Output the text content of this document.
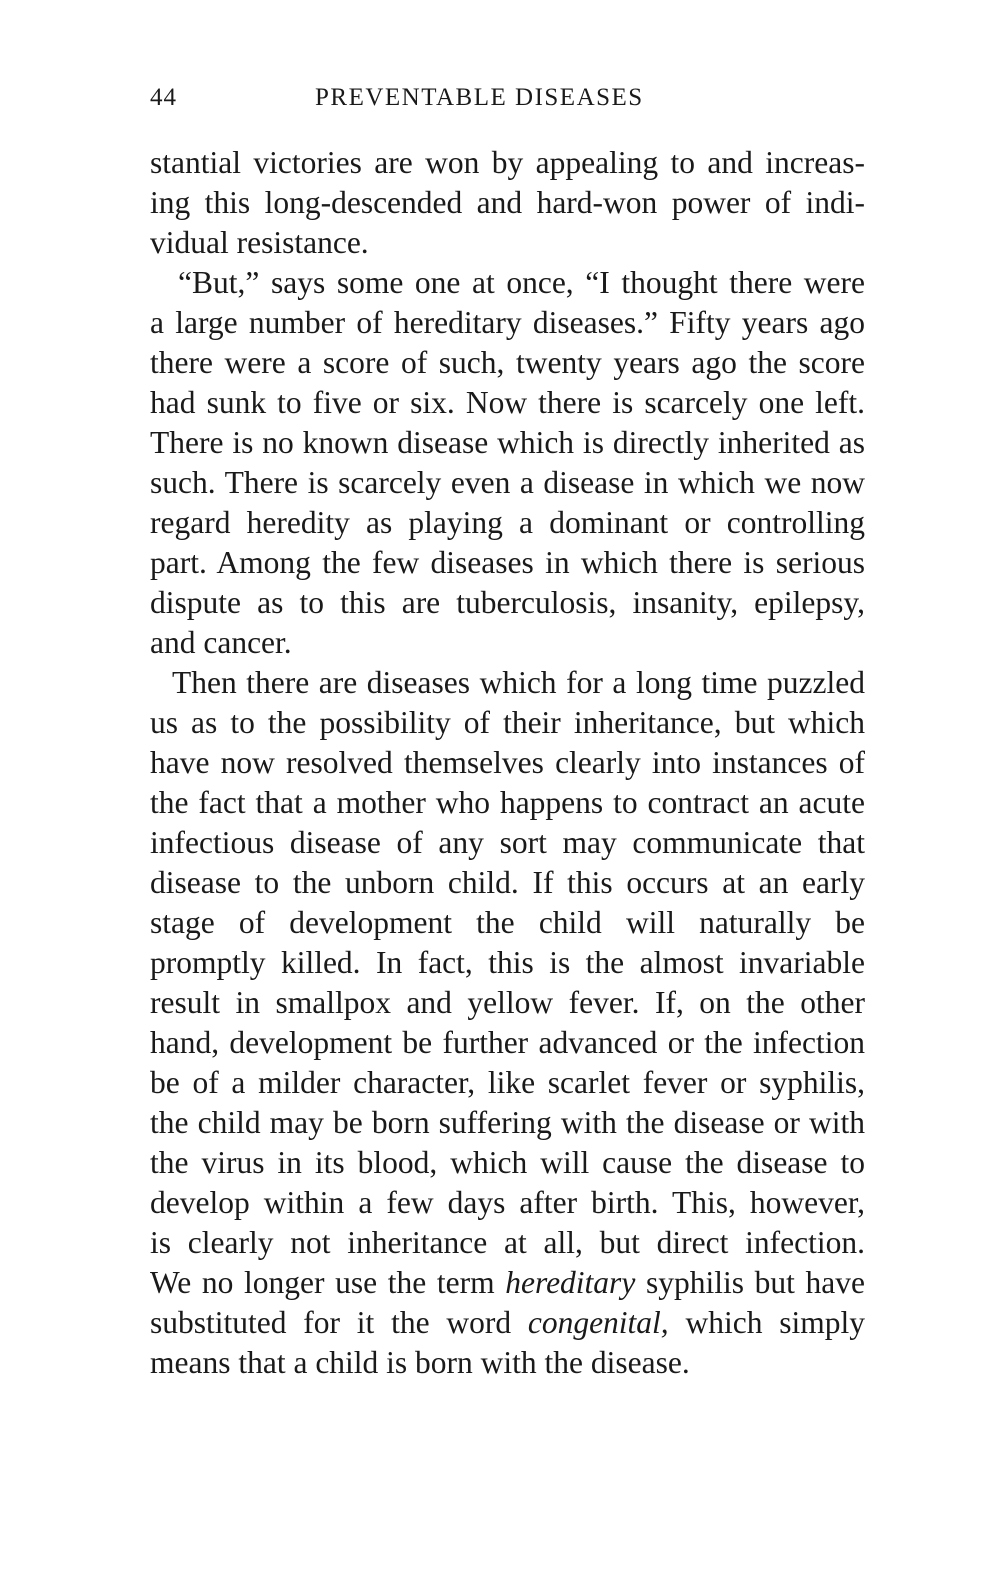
44	PREVENTABLE DISEASES

stantial victories are won by appealing to and increas-
ing this long-descended and hard-won power of indi-
vidual resistance.

“But,” says some one at once, “I thought there were
a large number of hereditary diseases.” Fifty years ago
there were a score of such, twenty years ago the score
had sunk to five or six. Now there is scarcely one left.
There is no known disease which is directly inherited as
such. There is scarcely even a disease in which we now
regard heredity as playing a dominant or controlling
part. Among the few diseases in which there is serious
dispute as to this are tuberculosis, insanity, epilepsy,
and cancer.

Then there are diseases which for a long time puzzled
us as to the possibility of their inheritance, but which
have now resolved themselves clearly into instances of
the fact that a mother who happens to contract an acute
infectious disease of any sort may communicate that
disease to the unborn child. If this occurs at an early
stage of development the child will naturally be
promptly killed. In fact, this is the almost invariable
result in smallpox and yellow fever. If, on the other
hand, development be further advanced or the infection
be of a milder character, like scarlet fever or syphilis,
the child may be born suffering with the disease or with
the virus in its blood, which will cause the disease to
develop within a few days after birth. This, however,
is clearly not inheritance at all, but direct infection.
We no longer use the term hereditary syphilis but have
substituted for it the word congenital, which simply
means that a child is born with the disease.
